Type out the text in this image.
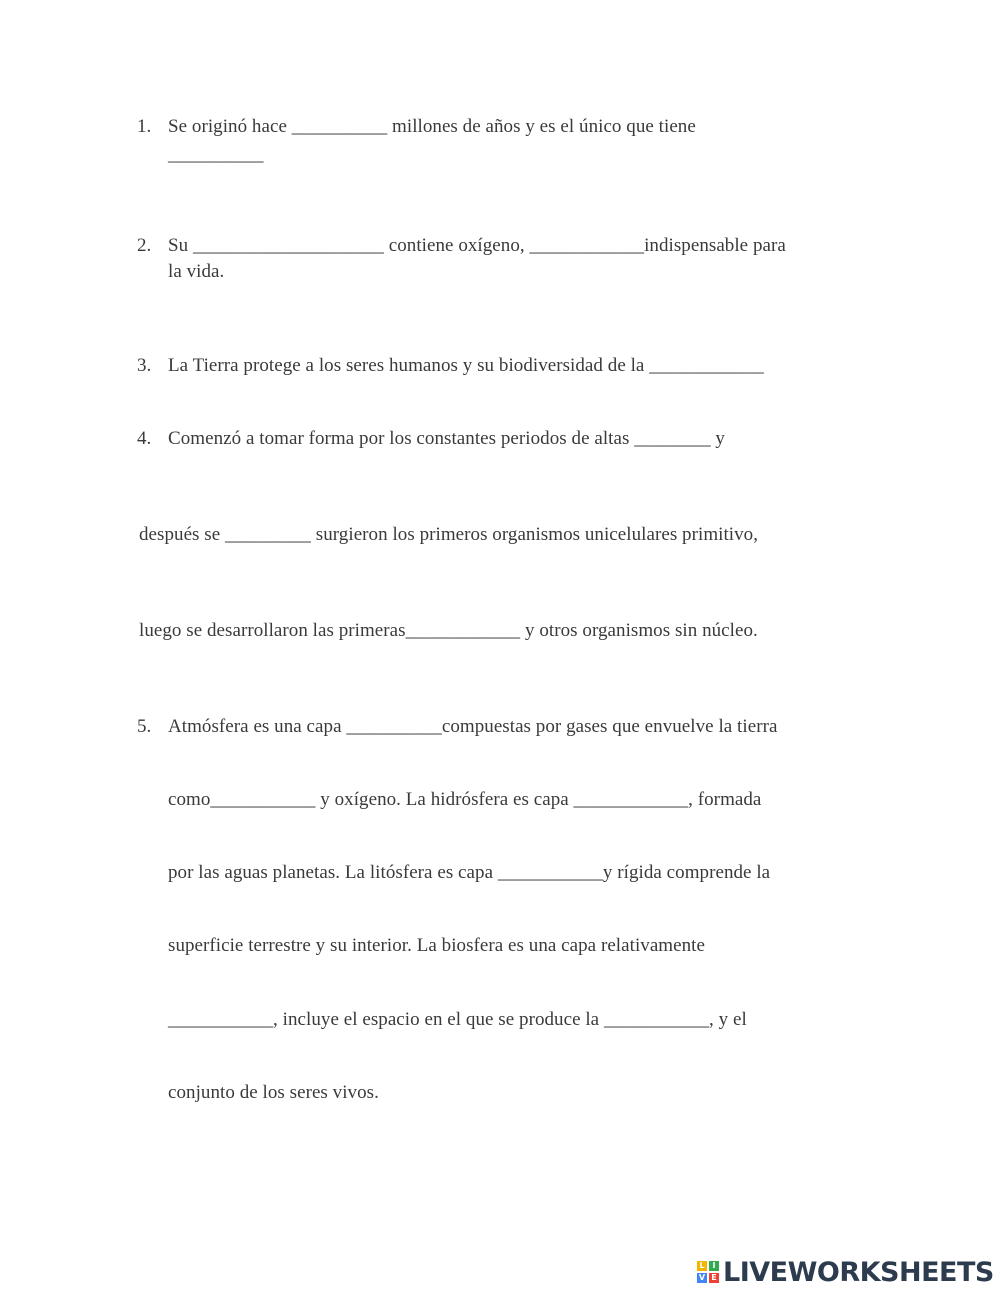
1. Se originó hace __________ millones de años y es el único que tiene
__________
2. Su ____________________ contiene oxígeno, ____________indispensable para
la vida.
3. La Tierra protege a los seres humanos y su biodiversidad de la ____________
4. Comenzó a tomar forma por los constantes periodos de altas ________ y
después se _________ surgieron los primeros organismos unicelulares primitivo,
luego se desarrollaron las primeras____________ y otros organismos sin núcleo.
5. Atmósfera es una capa __________compuestas por gases que envuelve la tierra
como___________ y oxígeno. La hidrósfera es capa ____________, formada
por las aguas planetas. La litósfera es capa ___________y rígida comprende la
superficie terrestre y su interior. La biosfera es una capa relativamente
___________, incluye el espacio en el que se produce la ___________, y el
conjunto de los seres vivos.
L I
V E LIVEWORKSHEETS
